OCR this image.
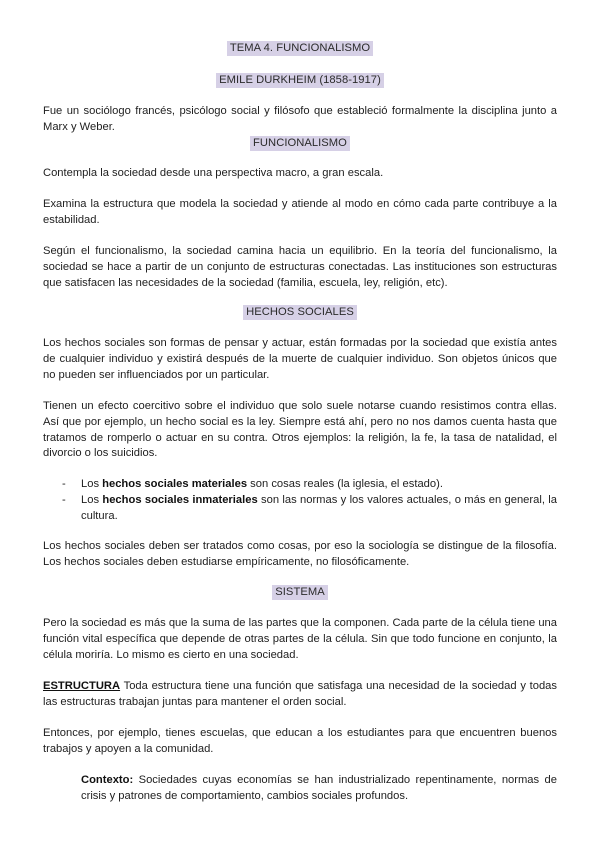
TEMA 4. FUNCIONALISMO
EMILE DURKHEIM (1858-1917)

Fue un sociólogo francés, psicólogo social y filósofo que estableció formalmente la disciplina junto a Marx y Weber.

FUNCIONALISMO

Contempla la sociedad desde una perspectiva macro, a gran escala.

Examina la estructura que modela la sociedad y atiende al modo en cómo cada parte contribuye a la estabilidad.

Según el funcionalismo, la sociedad camina hacia un equilibrio. En la teoría del funcionalismo, la sociedad se hace a partir de un conjunto de estructuras conectadas. Las instituciones son estructuras que satisfacen las necesidades de la sociedad (familia, escuela, ley, religión, etc).

HECHOS SOCIALES

Los hechos sociales son formas de pensar y actuar, están formadas por la sociedad que existía antes de cualquier individuo y existirá después de la muerte de cualquier individuo. Son objetos únicos que no pueden ser influenciados por un particular.

Tienen un efecto coercitivo sobre el individuo que solo suele notarse cuando resistimos contra ellas. Así que por ejemplo, un hecho social es la ley. Siempre está ahí, pero no nos damos cuenta hasta que tratamos de romperlo o actuar en su contra. Otros ejemplos: la religión, la fe, la tasa de natalidad, el divorcio o los suicidios.

- Los hechos sociales materiales son cosas reales (la iglesia, el estado).
- Los hechos sociales inmateriales son las normas y los valores actuales, o más en general, la cultura.

Los hechos sociales deben ser tratados como cosas, por eso la sociología se distingue de la filosofía. Los hechos sociales deben estudiarse empíricamente, no filosóficamente.

SISTEMA

Pero la sociedad es más que la suma de las partes que la componen. Cada parte de la célula tiene una función vital específica que depende de otras partes de la célula. Sin que todo funcione en conjunto, la célula moriría. Lo mismo es cierto en una sociedad.

ESTRUCTURA Toda estructura tiene una función que satisfaga una necesidad de la sociedad y todas las estructuras trabajan juntas para mantener el orden social.

Entonces, por ejemplo, tienes escuelas, que educan a los estudiantes para que encuentren buenos trabajos y apoyen a la comunidad.

Contexto: Sociedades cuyas economías se han industrializado repentinamente, normas de crisis y patrones de comportamiento, cambios sociales profundos.
